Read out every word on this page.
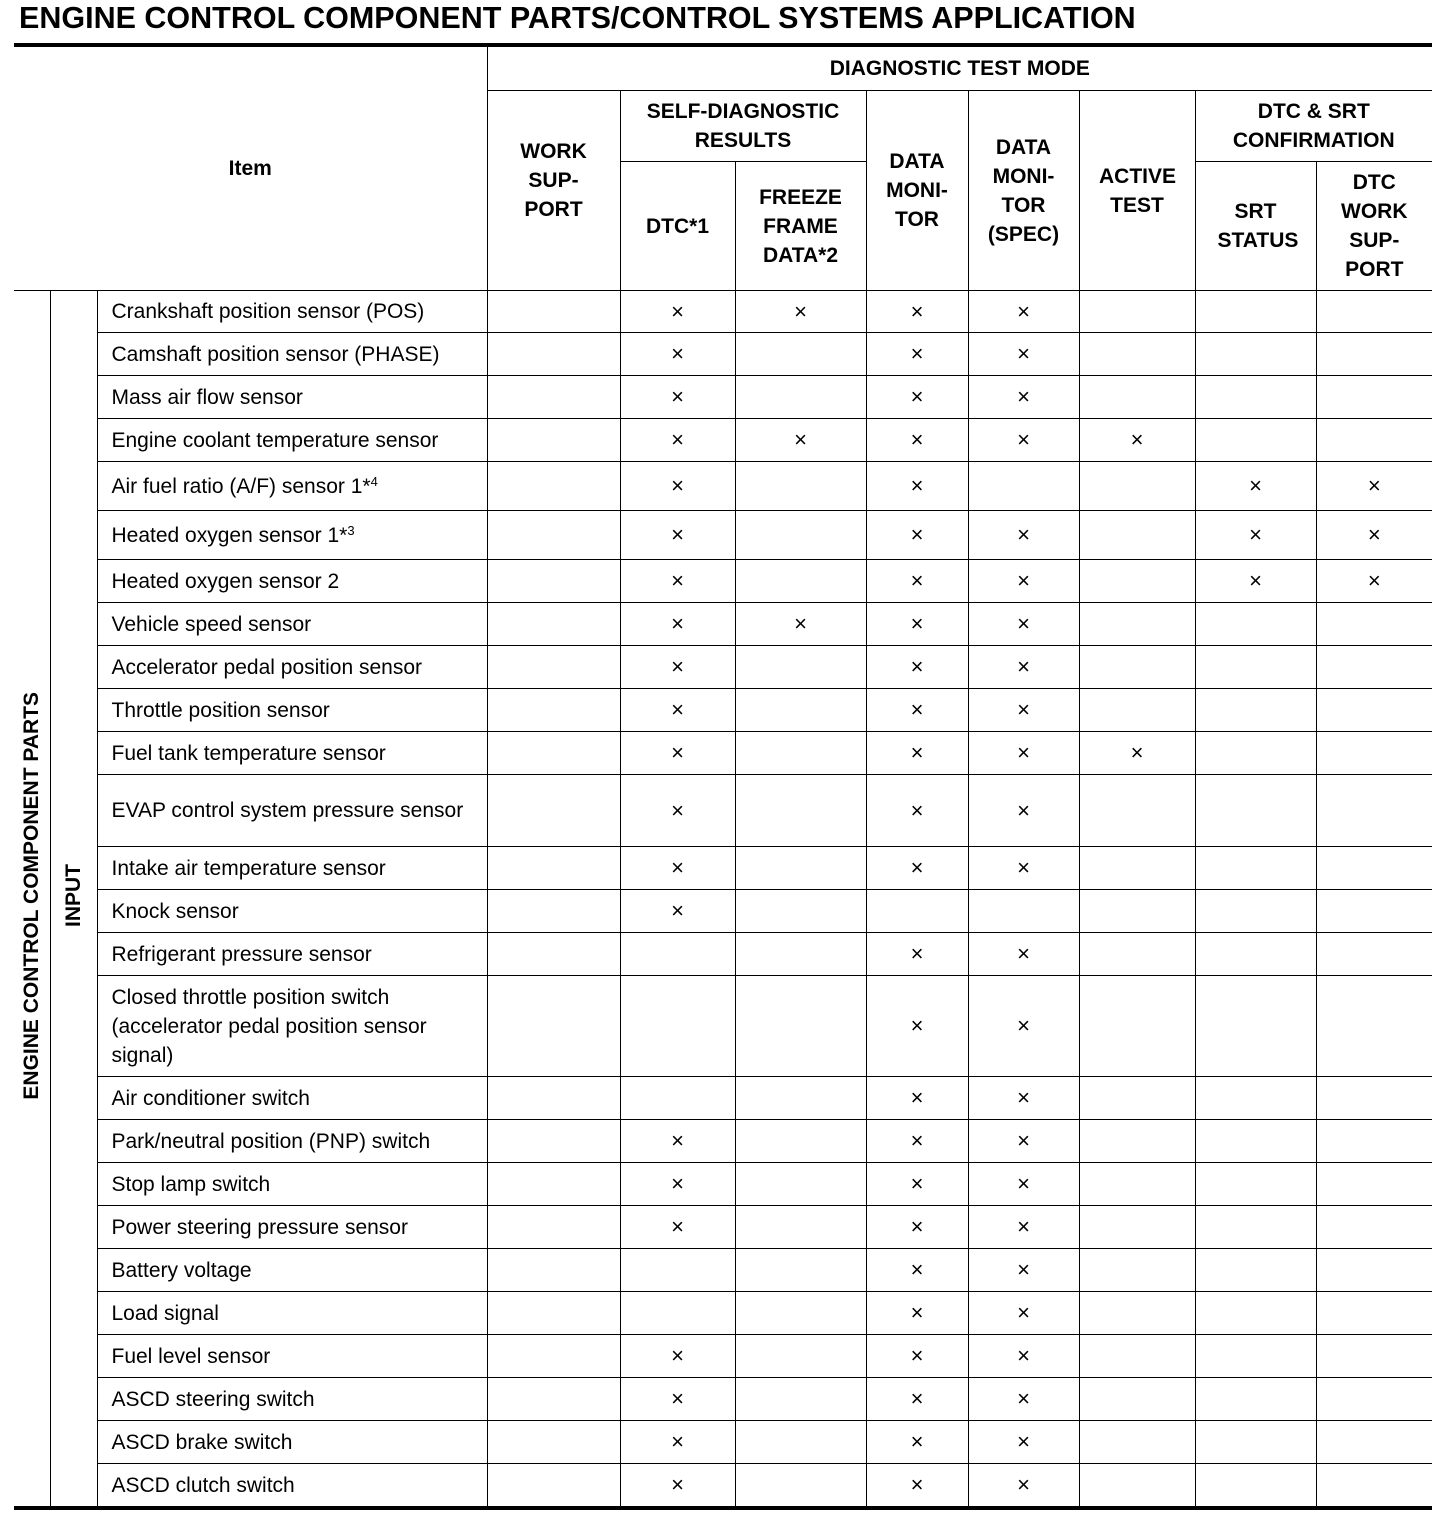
ENGINE CONTROL COMPONENT PARTS/CONTROL SYSTEMS APPLICATION
Item			DIAGNOSTIC TEST MODE							
			WORK SUP-PORT	SELF-DIAGNOSTIC RESULTS		DATA MONI-TOR	DATA MONI-TOR (SPEC)	ACTIVE TEST	DTC & SRT CONFIRMATION	
				DTC*1	FREEZE FRAME DATA*2				SRT STATUS	DTC WORK SUP-PORT
ENGINE CONTROL COMPONENT PARTS	INPUT	Crankshaft position sensor (POS)		×	×	×	×			
		Camshaft position sensor (PHASE)		×		×	×			
		Mass air flow sensor		×		×	×			
		Engine coolant temperature sensor		×	×	×	×	×		
		Air fuel ratio (A/F) sensor 1*$^4$		×		×			×	×
		Heated oxygen sensor 1*$^3$		×		×	×		×	×
		Heated oxygen sensor 2		×		×	×		×	×
		Vehicle speed sensor		×	×	×	×			
		Accelerator pedal position sensor		×		×	×			
		Throttle position sensor		×		×	×			
		Fuel tank temperature sensor		×		×	×	×		
		EVAP control system pressure sensor		×		×	×			
		Intake air temperature sensor		×		×	×			
		Knock sensor		×						
		Refrigerant pressure sensor				×	×			
		Closed throttle position switch (accelerator pedal position sensor signal)				×	×			
		Air conditioner switch				×	×			
		Park/neutral position (PNP) switch		×		×	×			
		Stop lamp switch		×		×	×			
		Power steering pressure sensor		×		×	×			
		Battery voltage				×	×			
		Load signal				×	×			
		Fuel level sensor		×		×	×			
		ASCD steering switch		×		×	×			
		ASCD brake switch		×		×	×			
		ASCD clutch switch		×		×	×			
